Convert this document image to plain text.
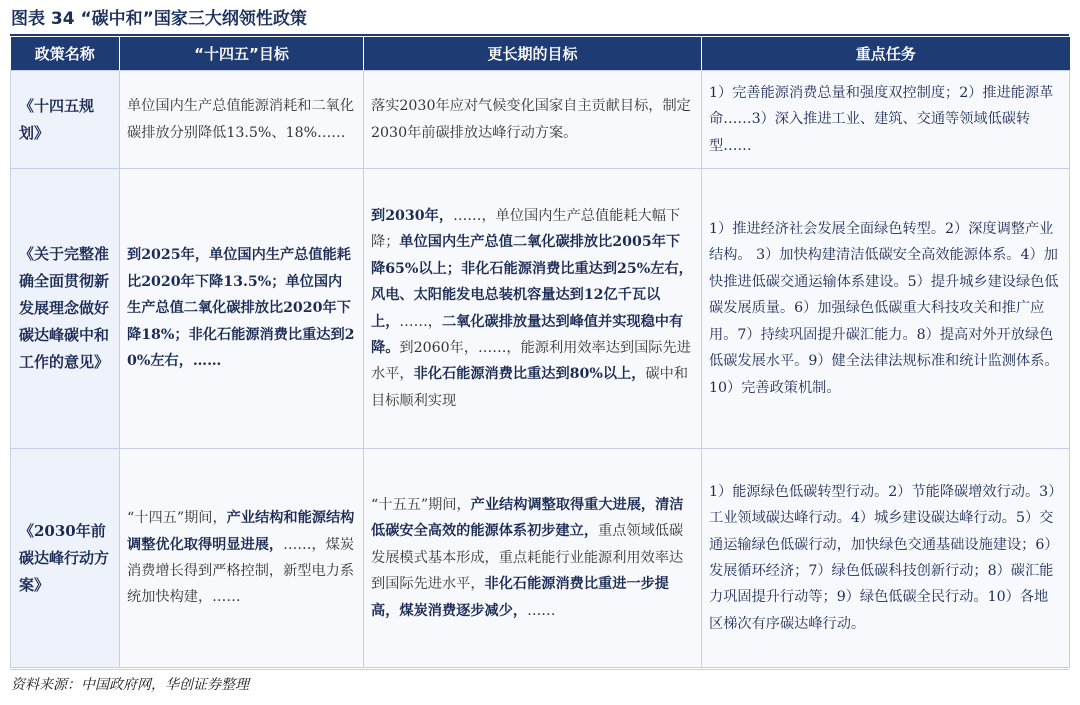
图表 34 “碳中和”国家三大纲领性政策
政策名称	“十四五”目标	更长期的目标	重点任务
《十四五规划》	单位国内生产总值能源消耗和二氧化碳排放分别降低13.5%、18%……	落实2030年应对气候变化国家自主贡献目标，制定2030年前碳排放达峰行动方案。	1）完善能源消费总量和强度双控制度；2）推进能源革命……3）深入推进工业、建筑、交通等领域低碳转型……
《关于完整准确全面贯彻新发展理念做好碳达峰碳中和工作的意见》	到2025年，单位国内生产总值能耗比2020年下降13.5%；单位国内生产总值二氧化碳排放比2020年下降18%；非化石能源消费比重达到20%左右，……	到2030年，……，单位国内生产总值能耗大幅下降；单位国内生产总值二氧化碳排放比2005年下降65%以上；非化石能源消费比重达到25%左右，风电、太阳能发电总装机容量达到12亿千瓦以上，……，二氧化碳排放量达到峰值并实现稳中有降。到2060年，……，能源利用效率达到国际先进水平，非化石能源消费比重达到80%以上，碳中和目标顺利实现	1）推进经济社会发展全面绿色转型。2）深度调整产业结构。 3）加快构建清洁低碳安全高效能源体系。4）加快推进低碳交通运输体系建设。5）提升城乡建设绿色低碳发展质量。6）加强绿色低碳重大科技攻关和推广应用。7）持续巩固提升碳汇能力。8）提高对外开放绿色低碳发展水平。9）健全法律法规标准和统计监测体系。10）完善政策机制。
《2030年前碳达峰行动方案》	“十四五”期间，产业结构和能源结构调整优化取得明显进展，……，煤炭消费增长得到严格控制，新型电力系统加快构建，……	“十五五”期间，产业结构调整取得重大进展，清洁低碳安全高效的能源体系初步建立，重点领域低碳发展模式基本形成，重点耗能行业能源利用效率达到国际先进水平，非化石能源消费比重进一步提高，煤炭消费逐步减少，……	1）能源绿色低碳转型行动。2）节能降碳增效行动。3）工业领域碳达峰行动。4）城乡建设碳达峰行动。5）交通运输绿色低碳行动，加快绿色交通基础设施建设；6）发展循环经济；7）绿色低碳科技创新行动；8）碳汇能力巩固提升行动等；9）绿色低碳全民行动。10）各地区梯次有序碳达峰行动。
资料来源：中国政府网，华创证券整理
